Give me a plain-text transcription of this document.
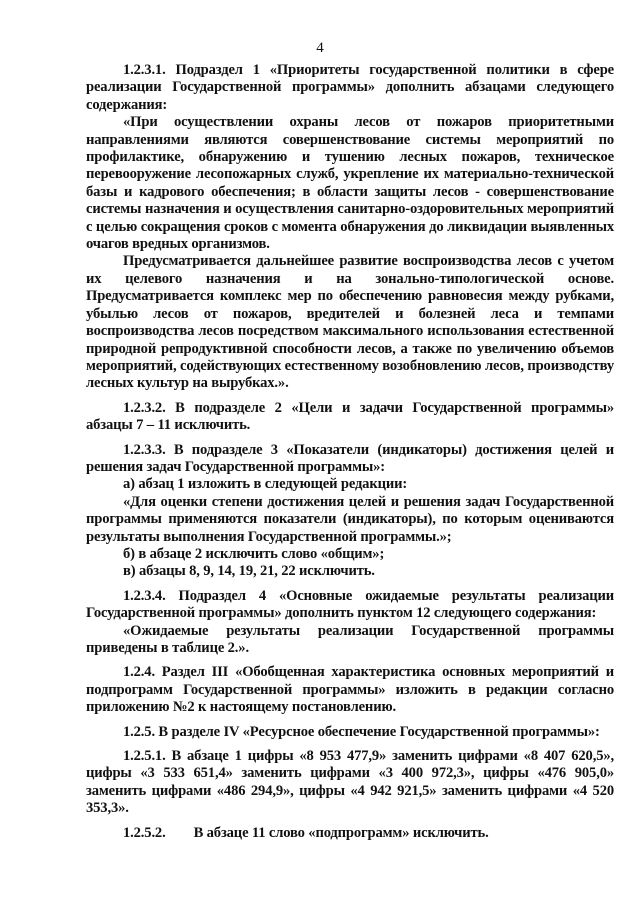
4

1.2.3.1. Подраздел 1 «Приоритеты государственной политики в сфере реализации Государственной программы» дополнить абзацами следующего содержания:

«При осуществлении охраны лесов от пожаров приоритетными направлениями являются совершенствование системы мероприятий по профилактике, обнаружению и тушению лесных пожаров, техническое перевооружение лесопожарных служб, укрепление их материально-технической базы и кадрового обеспечения; в области защиты лесов - совершенствование системы назначения и осуществления санитарно-оздоровительных мероприятий с целью сокращения сроков с момента обнаружения до ликвидации выявленных очагов вредных организмов.

Предусматривается дальнейшее развитие воспроизводства лесов с учетом их целевого назначения и на зонально-типологической основе. Предусматривается комплекс мер по обеспечению равновесия между рубками, убылью лесов от пожаров, вредителей и болезней леса и темпами воспроизводства лесов посредством максимального использования естественной природной репродуктивной способности лесов, а также по увеличению объемов мероприятий, содействующих естественному возобновлению лесов, производству лесных культур на вырубках.».

1.2.3.2. В подразделе 2 «Цели и задачи Государственной программы» абзацы 7 – 11 исключить.

1.2.3.3. В подразделе 3 «Показатели (индикаторы) достижения целей и решения задач Государственной программы»:

а) абзац 1 изложить в следующей редакции:

«Для оценки степени достижения целей и решения задач Государственной программы применяются показатели (индикаторы), по которым оцениваются результаты выполнения Государственной программы.»;

б) в абзаце 2 исключить слово «общим»;

в) абзацы 8, 9, 14, 19, 21, 22 исключить.

1.2.3.4. Подраздел 4 «Основные ожидаемые результаты реализации Государственной программы» дополнить пунктом 12 следующего содержания:

«Ожидаемые результаты реализации Государственной программы приведены в таблице 2.».

1.2.4. Раздел III «Обобщенная характеристика основных мероприятий и подпрограмм Государственной программы» изложить в редакции согласно приложению №2 к настоящему постановлению.

1.2.5. В разделе IV «Ресурсное обеспечение Государственной программы»:

1.2.5.1. В абзаце 1 цифры «8 953 477,9» заменить цифрами «8 407 620,5», цифры «3 533 651,4» заменить цифрами «3 400 972,3», цифры «476 905,0» заменить цифрами «486 294,9», цифры «4 942 921,5» заменить цифрами «4 520 353,3».

1.2.5.2.        В абзаце 11 слово «подпрограмм» исключить.
